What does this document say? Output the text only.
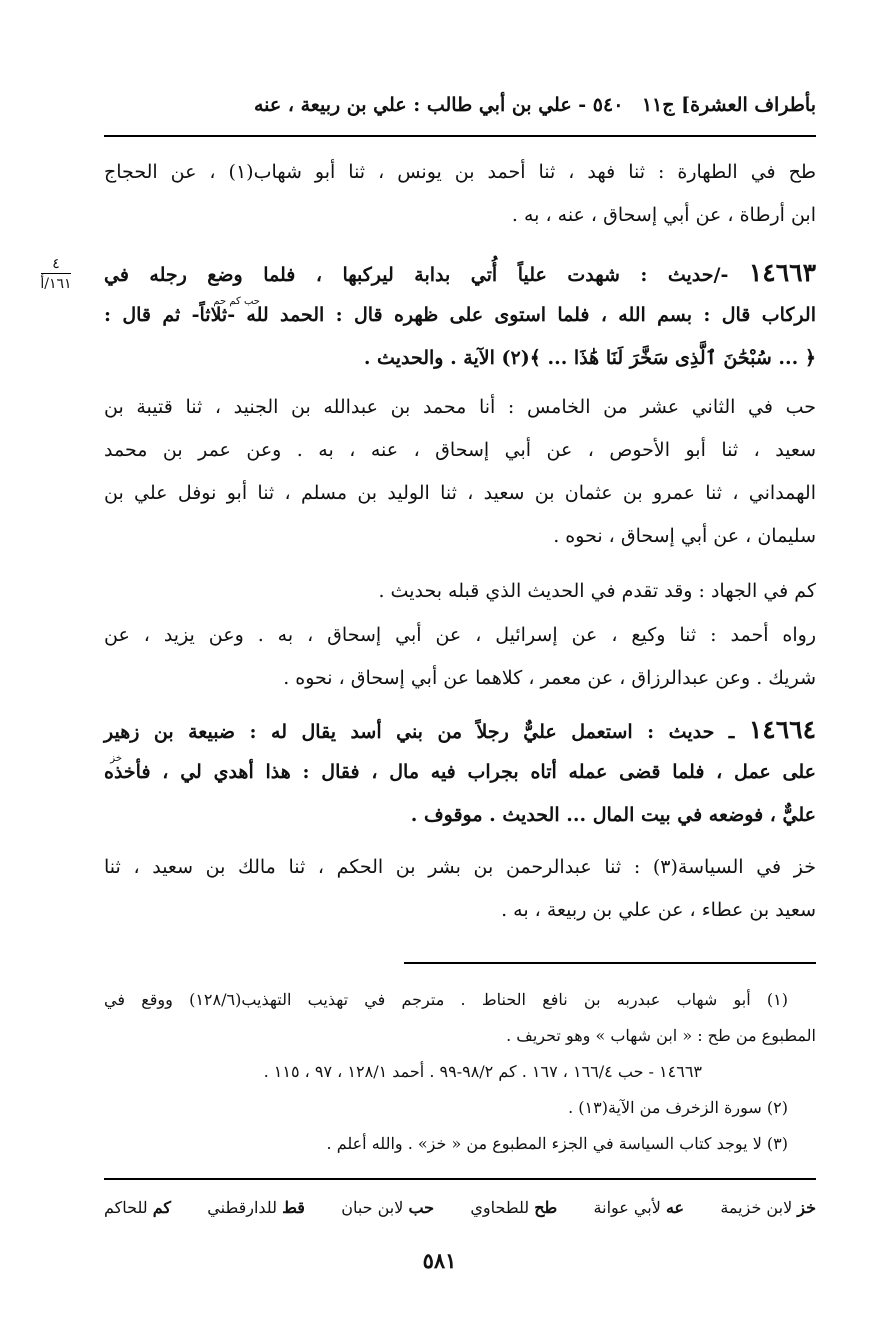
بأطراف العشرة] ج١١
٥٤٠ - علي بن أبي طالب : علي بن ربيعة ، عنه
٤
١٦١/أ
طح في الطهارة : ثنا فهد ، ثنا أحمد بن يونس ، ثنا أبو شهاب(١) ، عن الحجاج
ابن أرطاة ، عن أبي إسحاق ، عنه ، به .
١٤٦٦٣ -/حديث : شهدت علياً أُتي بدابة ليركبها ، فلما وضع رجله في
حب كم حم
الركاب قال : بسم الله ، فلما استوى على ظهره قال : الحمد لله -ثلاثاً- ثم قال :
﴿ ... سُبْحَٰنَ ٱلَّذِى سَخَّرَ لَنَا هَٰذَا ... ﴾(٢) الآية . والحديث .
حب في الثاني عشر من الخامس : أنا محمد بن عبدالله بن الجنيد ، ثنا قتيبة بن
سعيد ، ثنا أبو الأحوص ، عن أبي إسحاق ، عنه ، به . وعن عمر بن محمد
الهمداني ، ثنا عمرو بن عثمان بن سعيد ، ثنا الوليد بن مسلم ، ثنا أبو نوفل علي بن
سليمان ، عن أبي إسحاق ، نحوه .
كم في الجهاد : وقد تقدم في الحديث الذي قبله بحديث .
رواه أحمد : ثنا وكيع ، عن إسرائيل ، عن أبي إسحاق ، به . وعن يزيد ، عن
شريك . وعن عبدالرزاق ، عن معمر ، كلاهما عن أبي إسحاق ، نحوه .
١٤٦٦٤ ـ حديث : استعمل عليٌّ رجلاً من بني أسد يقال له : ضبيعة بن زهير
خز
على عمل ، فلما قضى عمله أتاه بجراب فيه مال ، فقال : هذا أهدي لي ، فأخذه
عليٌّ ، فوضعه في بيت المال ... الحديث . موقوف .
خز في السياسة(٣) : ثنا عبدالرحمن بن بشر بن الحكم ، ثنا مالك بن سعيد ، ثنا
سعيد بن عطاء ، عن علي بن ربيعة ، به .
(١) أبو شهاب عبدربه بن نافع الحناط . مترجم في تهذيب التهذيب(١٢٨/٦) ووقع في
المطبوع من طح : « ابن شهاب » وهو تحريف .
١٤٦٦٣ - حب ١٦٦/٤ ، ١٦٧ . كم ٩٨/٢-٩٩ . أحمد ١٢٨/١ ، ٩٧ ، ١١٥ .
(٢) سورة الزخرف من الآية(١٣) .
(٣) لا يوجد كتاب السياسة في الجزء المطبوع من « خز» . والله أعلم .
خز لابن خزيمة
عه لأبي عوانة
طح للطحاوي
حب لابن حبان
قط للدارقطني
كم للحاكم
٥٨١
